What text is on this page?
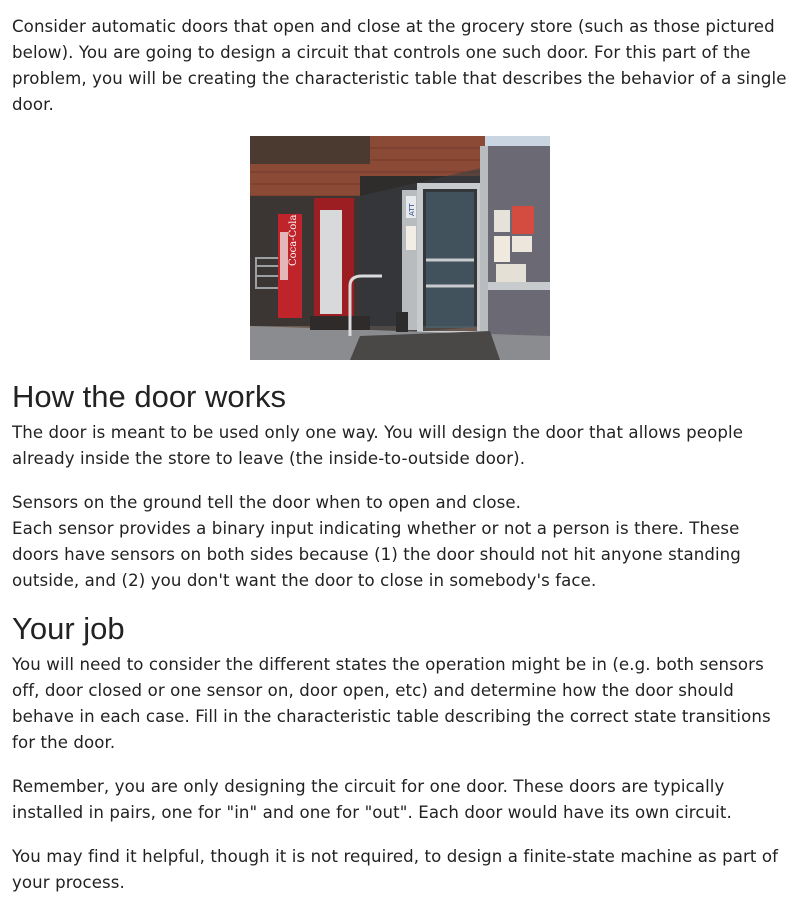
Consider automatic doors that open and close at the grocery store (such as those pictured below). You are going to design a circuit that controls one such door. For this part of the problem, you will be creating the characteristic table that describes the behavior of a single door.

Coca-Cola
ATT
How the door works

The door is meant to be used only one way. You will design the door that allows people already inside the store to leave (the inside-to-outside door).

Sensors on the ground tell the door when to open and close.
Each sensor provides a binary input indicating whether or not a person is there. These doors have sensors on both sides because (1) the door should not hit anyone standing outside, and (2) you don't want the door to close in somebody's face.

Your job

You will need to consider the different states the operation might be in (e.g. both sensors off, door closed or one sensor on, door open, etc) and determine how the door should behave in each case. Fill in the characteristic table describing the correct state transitions for the door.

Remember, you are only designing the circuit for one door. These doors are typically installed in pairs, one for "in" and one for "out". Each door would have its own circuit.

You may find it helpful, though it is not required, to design a finite-state machine as part of your process.
